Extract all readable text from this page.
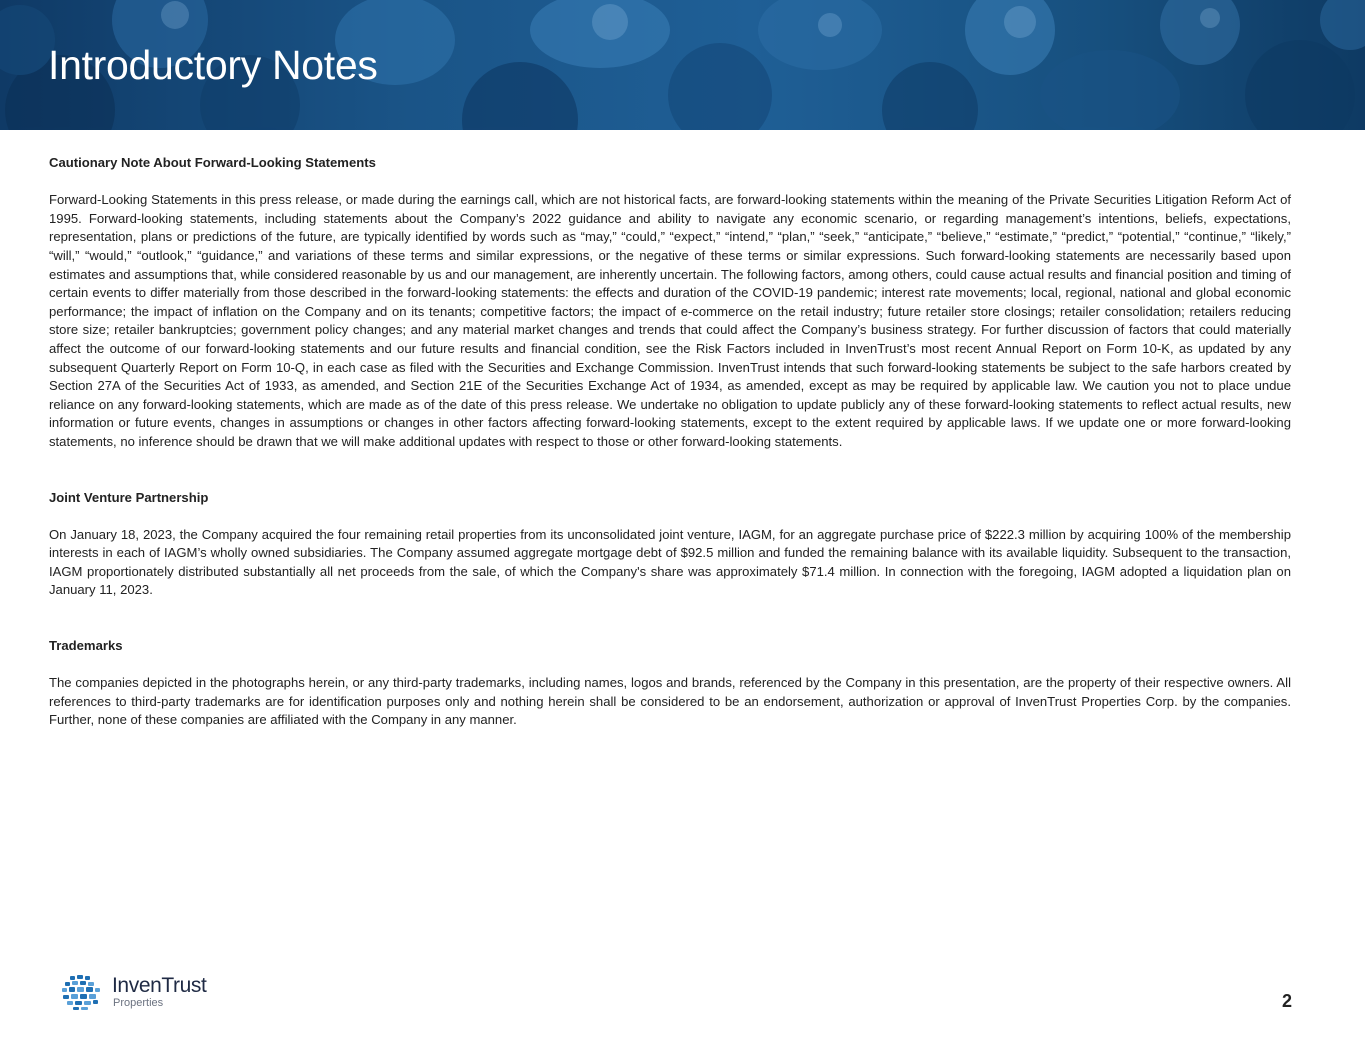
Introductory Notes
Cautionary Note About Forward-Looking Statements

Forward-Looking Statements in this press release, or made during the earnings call, which are not historical facts, are forward-looking statements within the meaning of the Private Securities Litigation Reform Act of 1995. Forward-looking statements, including statements about the Company’s 2022 guidance and ability to navigate any economic scenario, or regarding management’s intentions, beliefs, expectations, representation, plans or predictions of the future, are typically identified by words such as “may,” “could,” “expect,” “intend,” “plan,” “seek,” “anticipate,” “believe,” “estimate,” “predict,” “potential,” “continue,” “likely,” “will,” “would,” “outlook,” “guidance,” and variations of these terms and similar expressions, or the negative of these terms or similar expressions. Such forward-looking statements are necessarily based upon estimates and assumptions that, while considered reasonable by us and our management, are inherently uncertain. The following factors, among others, could cause actual results and financial position and timing of certain events to differ materially from those described in the forward-looking statements: the effects and duration of the COVID-19 pandemic; interest rate movements; local, regional, national and global economic performance; the impact of inflation on the Company and on its tenants; competitive factors; the impact of e-commerce on the retail industry; future retailer store closings; retailer consolidation; retailers reducing store size; retailer bankruptcies; government policy changes; and any material market changes and trends that could affect the Company’s business strategy. For further discussion of factors that could materially affect the outcome of our forward-looking statements and our future results and financial condition, see the Risk Factors included in InvenTrust’s most recent Annual Report on Form 10-K, as updated by any subsequent Quarterly Report on Form 10-Q, in each case as filed with the Securities and Exchange Commission. InvenTrust intends that such forward-looking statements be subject to the safe harbors created by Section 27A of the Securities Act of 1933, as amended, and Section 21E of the Securities Exchange Act of 1934, as amended, except as may be required by applicable law. We caution you not to place undue reliance on any forward-looking statements, which are made as of the date of this press release. We undertake no obligation to update publicly any of these forward-looking statements to reflect actual results, new information or future events, changes in assumptions or changes in other factors affecting forward-looking statements, except to the extent required by applicable laws. If we update one or more forward-looking statements, no inference should be drawn that we will make additional updates with respect to those or other forward-looking statements.

Joint Venture Partnership

On January 18, 2023, the Company acquired the four remaining retail properties from its unconsolidated joint venture, IAGM, for an aggregate purchase price of $222.3 million by acquiring 100% of the membership interests in each of IAGM’s wholly owned subsidiaries. The Company assumed aggregate mortgage debt of $92.5 million and funded the remaining balance with its available liquidity. Subsequent to the transaction, IAGM proportionately distributed substantially all net proceeds from the sale, of which the Company's share was approximately $71.4 million. In connection with the foregoing, IAGM adopted a liquidation plan on January 11, 2023.

Trademarks

The companies depicted in the photographs herein, or any third-party trademarks, including names, logos and brands, referenced by the Company in this presentation, are the property of their respective owners. All references to third-party trademarks are for identification purposes only and nothing herein shall be considered to be an endorsement, authorization or approval of InvenTrust Properties Corp. by the companies. Further, none of these companies are affiliated with the Company in any manner.

InvenTrust
Properties	2
